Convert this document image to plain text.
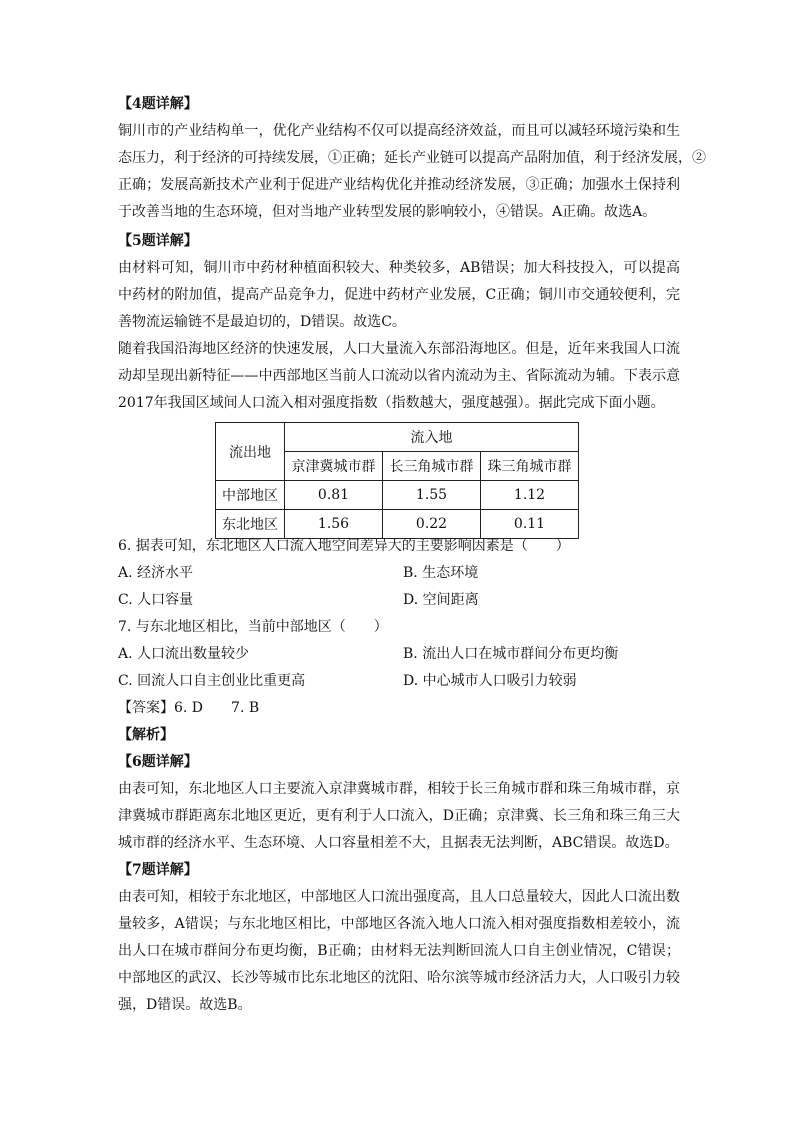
【4题详解】
铜川市的产业结构单一，优化产业结构不仅可以提高经济效益，而且可以减轻环境污染和生
态压力，利于经济的可持续发展，①正确；延长产业链可以提高产品附加值，利于经济发展，②
正确；发展高新技术产业利于促进产业结构优化并推动经济发展，③正确；加强水土保持利
于改善当地的生态环境，但对当地产业转型发展的影响较小，④错误。A正确。故选A。
【5题详解】
由材料可知，铜川市中药材种植面积较大、种类较多，AB错误；加大科技投入，可以提高
中药材的附加值，提高产品竞争力，促进中药材产业发展，C正确；铜川市交通较便利，完
善物流运输链不是最迫切的，D错误。故选C。
随着我国沿海地区经济的快速发展，人口大量流入东部沿海地区。但是，近年来我国人口流
动却呈现出新特征——中西部地区当前人口流动以省内流动为主、省际流动为辅。下表示意
2017年我国区域间人口流入相对强度指数（指数越大，强度越强）。据此完成下面小题。
流出地	流入地		
	京津冀城市群	长三角城市群	珠三角城市群
中部地区	0.81	1.55	1.12
东北地区	1.56	0.22	0.11
6. 据表可知，东北地区人口流入地空间差异大的主要影响因素是（　　）
A. 经济水平	B. 生态环境
C. 人口容量	D. 空间距离
7. 与东北地区相比，当前中部地区（　　）
A. 人口流出数量较少	B. 流出人口在城市群间分布更均衡
C. 回流人口自主创业比重更高	D. 中心城市人口吸引力较弱
【答案】6. D　　7. B
【解析】
【6题详解】
由表可知，东北地区人口主要流入京津冀城市群，相较于长三角城市群和珠三角城市群，京
津冀城市群距离东北地区更近，更有利于人口流入，D正确；京津冀、长三角和珠三角三大
城市群的经济水平、生态环境、人口容量相差不大，且据表无法判断，ABC错误。故选D。
【7题详解】
由表可知，相较于东北地区，中部地区人口流出强度高，且人口总量较大，因此人口流出数
量较多，A错误；与东北地区相比，中部地区各流入地人口流入相对强度指数相差较小，流
出人口在城市群间分布更均衡，B正确；由材料无法判断回流人口自主创业情况，C错误；
中部地区的武汉、长沙等城市比东北地区的沈阳、哈尔滨等城市经济活力大，人口吸引力较
强，D错误。故选B。
